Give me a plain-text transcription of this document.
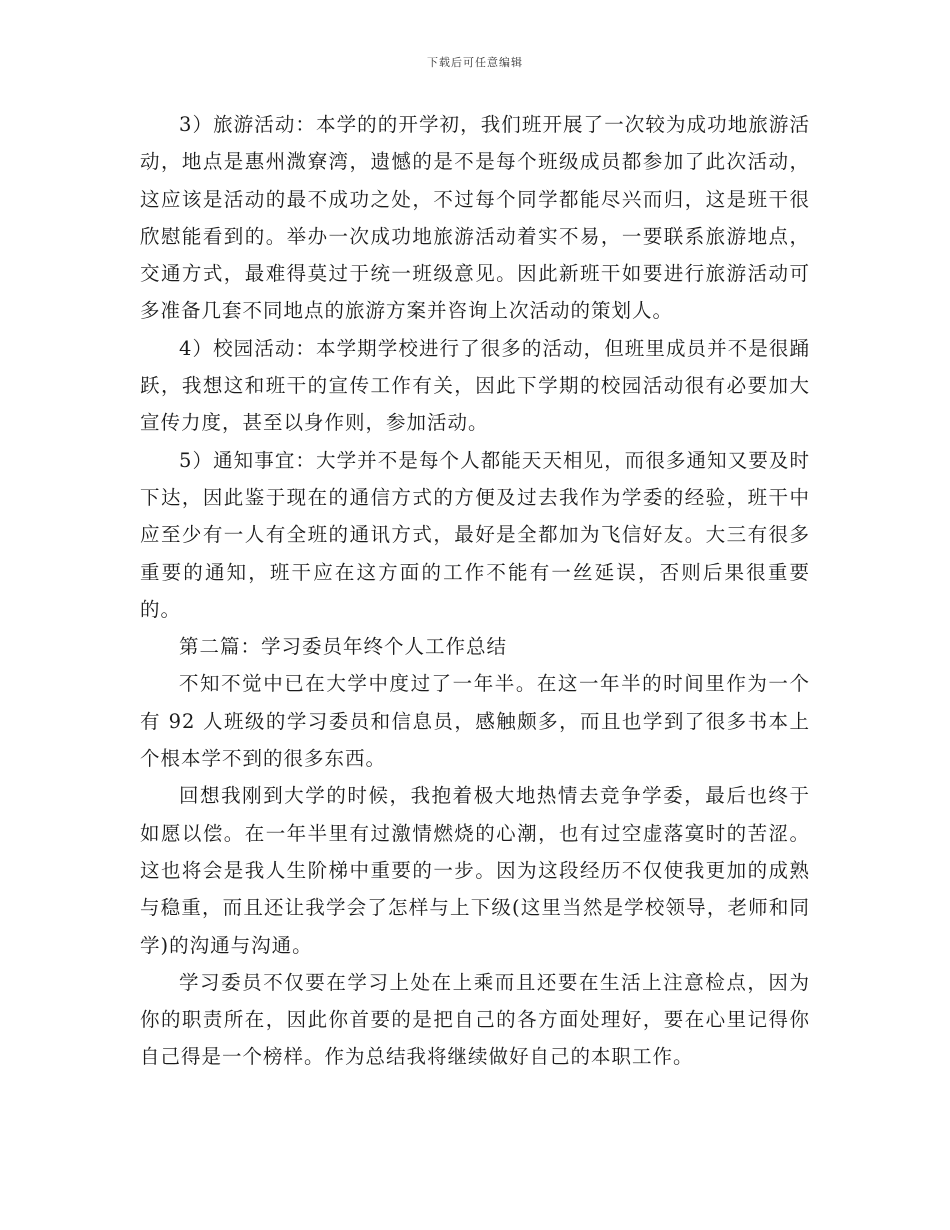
下载后可任意编辑

3）旅游活动：本学的的开学初，我们班开展了一次较为成功地旅游活动，地点是惠州溦寮湾，遗憾的是不是每个班级成员都参加了此次活动，这应该是活动的最不成功之处，不过每个同学都能尽兴而归，这是班干很欣慰能看到的。举办一次成功地旅游活动着实不易，一要联系旅游地点，交通方式，最难得莫过于统一班级意见。因此新班干如要进行旅游活动可多准备几套不同地点的旅游方案并咨询上次活动的策划人。

4）校园活动：本学期学校进行了很多的活动，但班里成员并不是很踊跃，我想这和班干的宣传工作有关，因此下学期的校园活动很有必要加大宣传力度，甚至以身作则，参加活动。

5）通知事宜：大学并不是每个人都能天天相见，而很多通知又要及时下达，因此鉴于现在的通信方式的方便及过去我作为学委的经验，班干中应至少有一人有全班的通讯方式，最好是全都加为飞信好友。大三有很多重要的通知，班干应在这方面的工作不能有一丝延误，否则后果很重要的。

第二篇：学习委员年终个人工作总结

不知不觉中已在大学中度过了一年半。在这一年半的时间里作为一个有 92 人班级的学习委员和信息员，感触颇多，而且也学到了很多书本上个根本学不到的很多东西。

回想我刚到大学的时候，我抱着极大地热情去竞争学委，最后也终于如愿以偿。在一年半里有过激情燃烧的心潮，也有过空虚落寞时的苦涩。这也将会是我人生阶梯中重要的一步。因为这段经历不仅使我更加的成熟与稳重，而且还让我学会了怎样与上下级(这里当然是学校领导，老师和同学)的沟通与沟通。

学习委员不仅要在学习上处在上乘而且还要在生活上注意检点，因为你的职责所在，因此你首要的是把自己的各方面处理好，要在心里记得你自己得是一个榜样。作为总结我将继续做好自己的本职工作。
